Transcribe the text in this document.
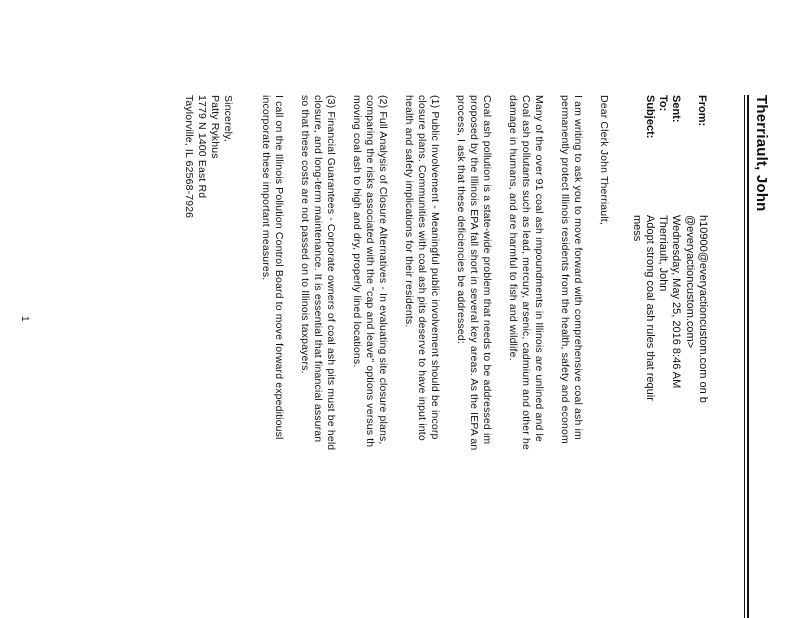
Therriault, John
From:
h10900@everyactioncustom.com on b
@everyactioncustom.com>
Sent:
Wednesday, May 25, 2016 8:46 AM
To:
Therriault, John
Subject:
Adopt strong coal ash rules that requir
mess
Dear Clerk John Therriault,
I am writing to ask you to move forward with comprehensive coal ash im
permanently protect Illinois residents from the health, safety and econom
Many of the over 91 coal ash impoundments in Illinois are unlined and le
Coal ash pollutants such as lead, mercury, arsenic, cadmium and other he
damage in humans, and are harmful to fish and wildlife.
Coal ash pollution is a state-wide problem that needs to be addressed im
proposed by the Illinois EPA fall short in several key areas. As the IEPA an
process, I ask that these deficiencies be addressed:
(1) Public Involvement - Meaningful public involvement should be incorp
closure plans. Communities with coal ash pits deserve to have input into
health and safety implications for their residents.
(2) Full Analysis of Closure Alternatives - In evaluating site closure plans,
comparing the risks associated with the "cap and leave" options versus th
moving coal ash to high and dry, properly lined locations.
(3) Financial Guarantees - Corporate owners of coal ash pits must be held
closure, and long-term maintenance. It is essential that financial assuran
so that these costs are not passed on to Illinois taxpayers.
I call on the Illinois Pollution Control Board to move forward expeditiousl
incorporate these important measures.
Sincerely,
Patty Rykhus
1779 N 1400 East Rd
Taylorville, IL 62568-7926
1
